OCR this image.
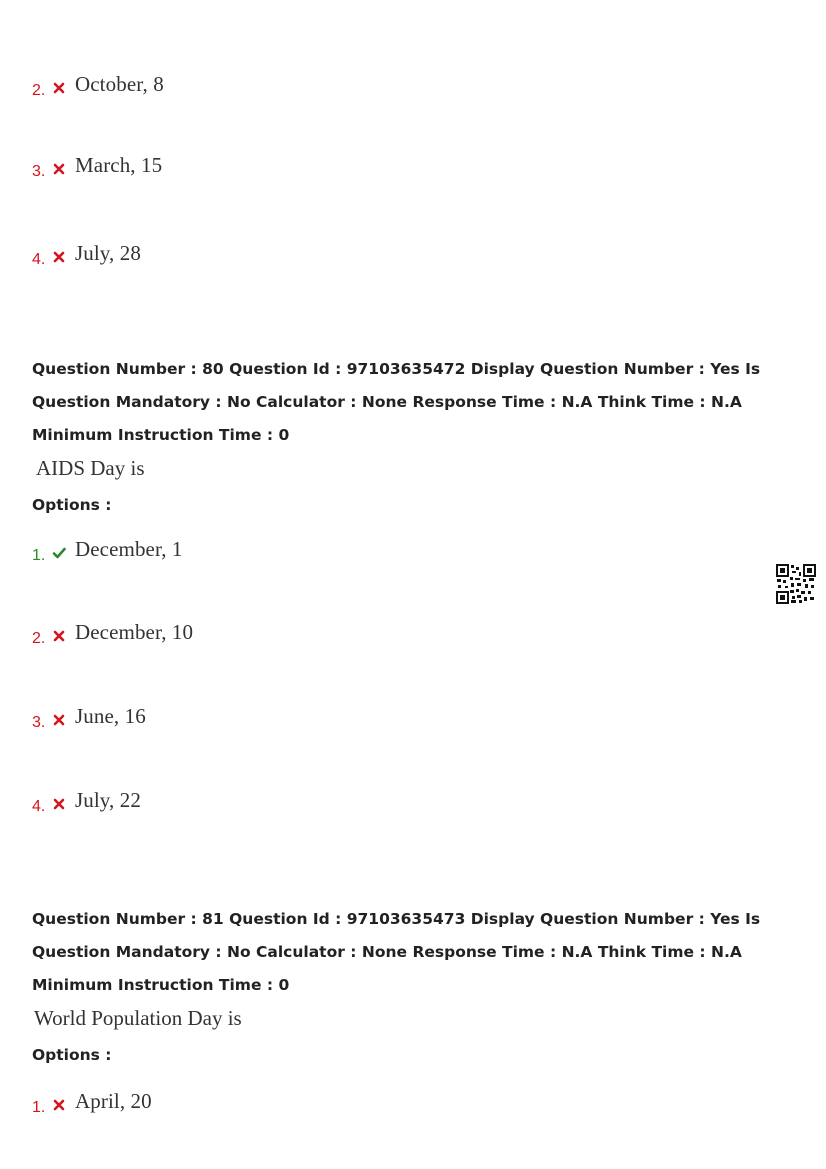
2. October, 8
3. March, 15
4. July, 28
Question Number : 80 Question Id : 97103635472 Display Question Number : Yes Is Question Mandatory : No Calculator : None Response Time : N.A Think Time : N.A Minimum Instruction Time : 0
AIDS Day is
Options :
1. December, 1
2. December, 10
3. June, 16
4. July, 22
Question Number : 81 Question Id : 97103635473 Display Question Number : Yes Is Question Mandatory : No Calculator : None Response Time : N.A Think Time : N.A Minimum Instruction Time : 0
World Population Day is
Options :
1. April, 20
